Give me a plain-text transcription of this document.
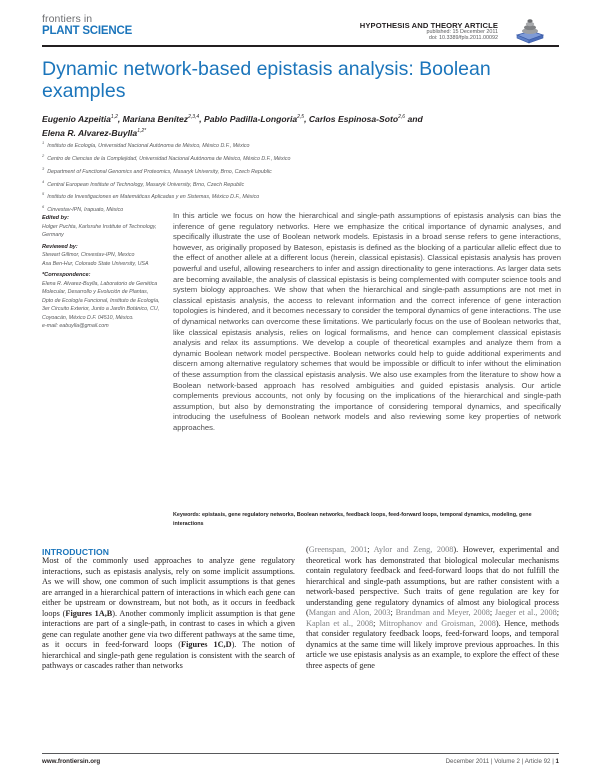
frontiers in
PLANT SCIENCE	HYPOTHESIS AND THEORY ARTICLE
published: 15 December 2011
doi: 10.3389/fpls.2011.00092
Dynamic network-based epistasis analysis: Boolean examples
Eugenio Azpeitia$^{1,2}$, Mariana Benítez$^{2,3,4}$, Pablo Padilla-Longoria$^{2,5}$, Carlos Espinosa-Soto$^{2,6}$ and
Elena R. Alvarez-Buylla$^{1,2*}$
$^1$Instituto de Ecología, Universidad Nacional Autónoma de México, México D.F., México
$^2$Centro de Ciencias de la Complejidad, Universidad Nacional Autónoma de México, México D.F., México
$^3$Department of Functional Genomics and Proteomics, Masaryk University, Brno, Czech Republic
$^4$Central European Institute of Technology, Masaryk University, Brno, Czech Republic
$^5$Instituto de Investigaciones en Matemáticas Aplicadas y en Sistemas, México D.F., México
$^6$Cinvestav-IPN, Irapuato, México
Edited by:
Holger Puchta, Karlsruhe Institute of Technology, Germany
Reviewed by:
Stewart Gillmor, Cinvestav-IPN, Mexico
Asa Ben-Hur, Colorado State University, USA
*Correspondence:
Elena R. Alvarez-Buylla, Laboratorio de Genética Molecular, Desarrollo y Evolución de Plantas, Dpto de Ecología Funcional, Instituto de Ecología, 3er Circuito Exterior, Junto a Jardín Botánico, CU, Coyoacán, México D.F. 04510, México.
e-mail: eabuylla@gmail.com

In this article we focus on how the hierarchical and single-path assumptions of epistasis analysis can bias the inference of gene regulatory networks. Here we emphasize the critical importance of dynamic analyses, and specifically illustrate the use of Boolean network models. Epistasis in a broad sense refers to gene interactions, however, as originally proposed by Bateson, epistasis is defined as the blocking of a particular allelic effect due to the effect of another allele at a different locus (herein, classical epistasis). Classical epistasis analysis has proven powerful and useful, allowing researchers to infer and assign directionality to gene interactions. As larger data sets are becoming available, the analysis of classical epistasis is being complemented with computer science tools and system biology approaches. We show that when the hierarchical and single-path assumptions are not met in classical epistasis analysis, the access to relevant information and the correct inference of gene interaction topologies is hindered, and it becomes necessary to consider the temporal dynamics of gene interactions. The use of dynamical networks can overcome these limitations. We particularly focus on the use of Boolean networks that, like classical epistasis analysis, relies on logical formalisms, and hence can complement classical epistasis analysis and relax its assumptions. We develop a couple of theoretical examples and analyze them from a dynamic Boolean network model perspective. Boolean networks could help to guide additional experiments and discern among alternative regulatory schemes that would be impossible or difficult to infer without the elimination of these assumption from the classical epistasis analysis. We also use examples from the literature to show how a Boolean network-based approach has resolved ambiguities and guided epistasis analysis. Our article complements previous accounts, not only by focusing on the implications of the hierarchical and single-path assumption, but also by demonstrating the importance of considering temporal dynamics, and specifically introducing the usefulness of Boolean network models and also reviewing some key properties of network approaches.

Keywords: epistasis, gene regulatory networks, Boolean networks, feedback loops, feed-forward loops, temporal dynamics, modeling, gene interactions
INTRODUCTION

Most of the commonly used approaches to analyze gene regulatory interactions, such as epistasis analysis, rely on some implicit assumptions. As we will show, one common of such implicit assumptions is that genes are arranged in a hierarchical pattern of interactions in which each gene can either be upstream or downstream, but not both, as it occurs in feedback loops (Figures 1A,B). Another commonly implicit assumption is that gene interactions are part of a single-path, in contrast to cases in which a given gene can regulate another gene via two different pathways at the same time, as it occurs in feed-forward loops (Figures 1C,D). The notion of hierarchical and single-path gene regulation is consistent with the search of pathways or cascades rather than networks

(Greenspan, 2001; Aylor and Zeng, 2008). However, experimental and theoretical work has demonstrated that biological molecular mechanisms contain regulatory feedback and feed-forward loops that do not fulfill the hierarchical and single-path assumptions, but are rather consistent with a network-based perspective. Such traits of gene regulation are key for understanding gene regulatory dynamics of almost any biological process (Mangan and Alon, 2003; Brandman and Meyer, 2008; Jaeger et al., 2008; Kaplan et al., 2008; Mitrophanov and Groisman, 2008). Hence, methods that consider regulatory feedback loops, feed-forward loops, and temporal dynamics at the same time will likely improve previous approaches. In this article we use epistasis analysis as an example, to explore the effect of these three aspects of gene

www.frontiersin.org	December 2011 | Volume 2 | Article 92 | 1
